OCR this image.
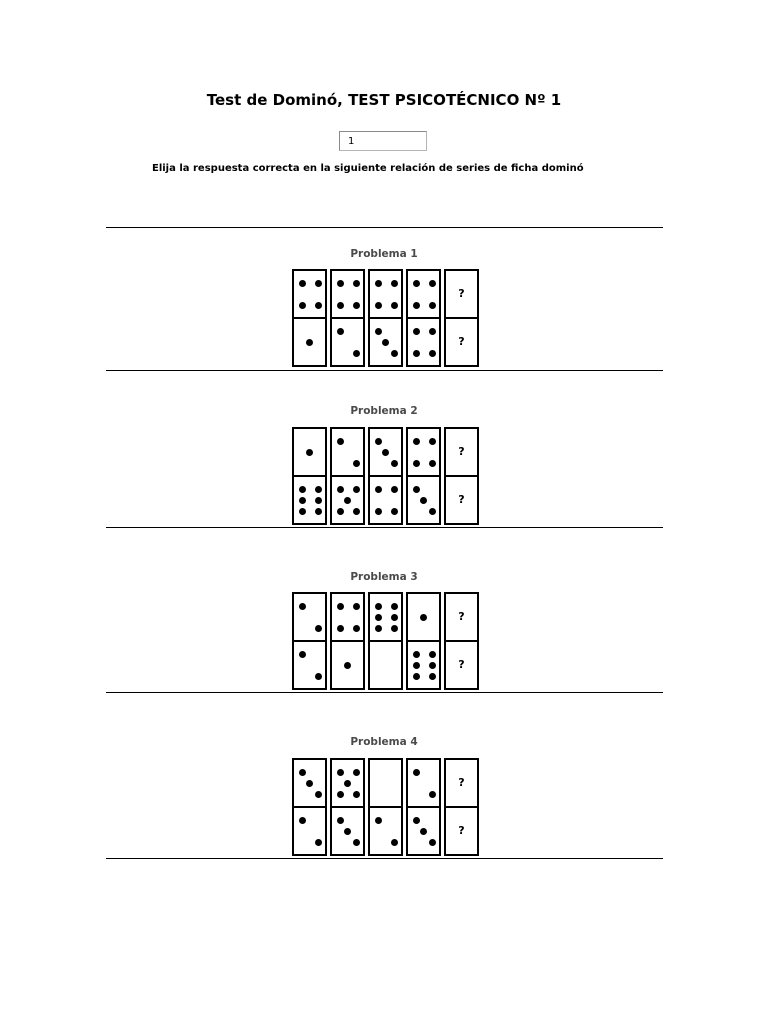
Test de Dominó, TEST PSICOTÉCNICO Nº 1
1
Elija la respuesta correcta en la siguiente relación de series de ficha dominó
Problema 1
?
?
Problema 2
?
?
Problema 3
?
?
Problema 4
?
?
